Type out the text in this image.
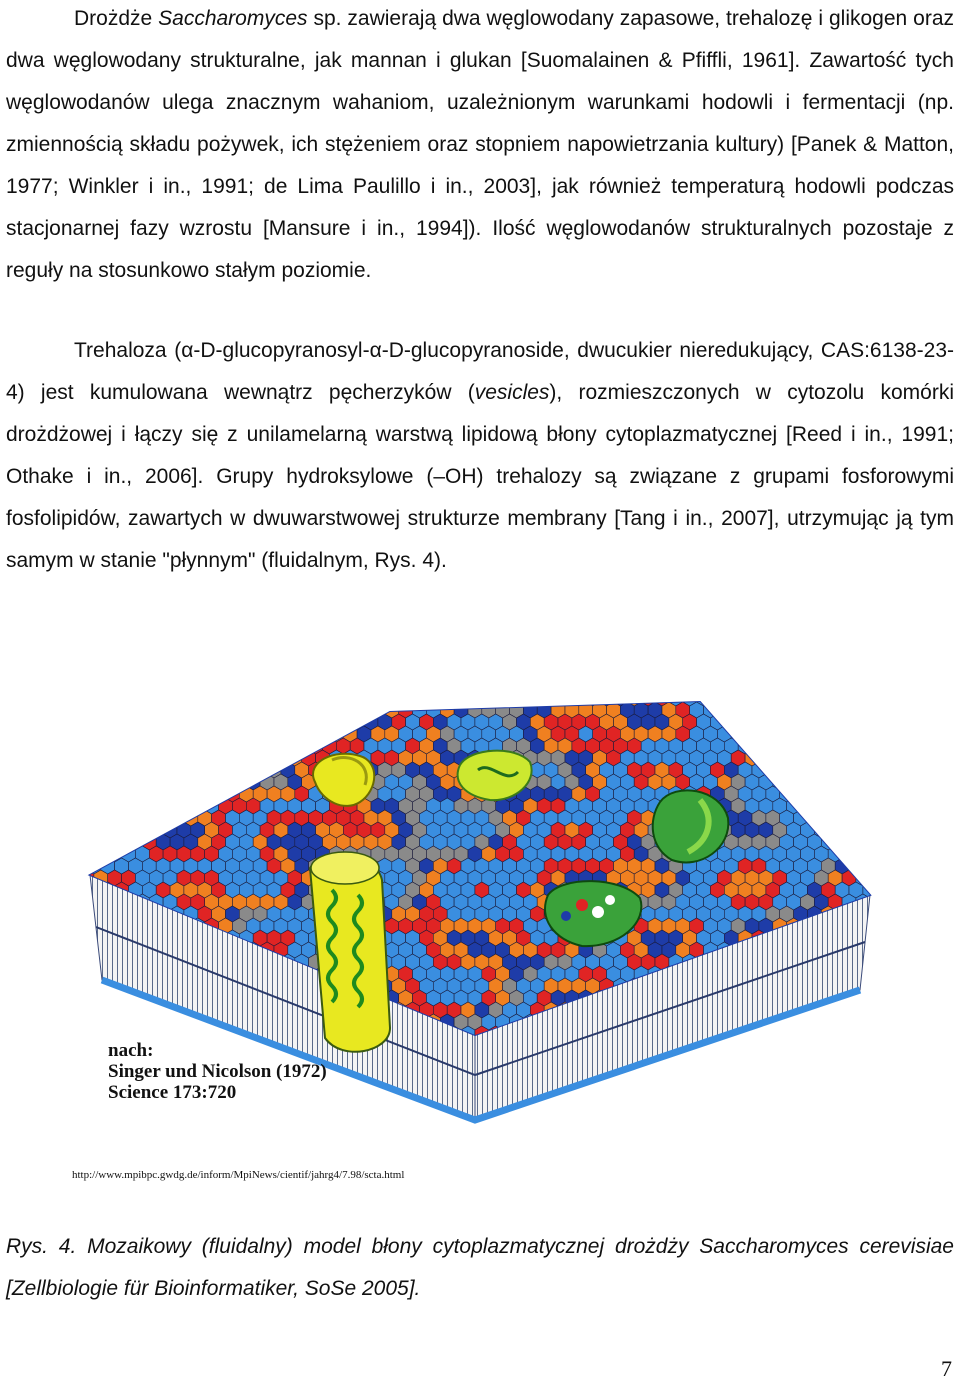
Drożdże Saccharomyces sp. zawierają dwa węglowodany zapasowe, trehalozę i glikogen oraz dwa węglowodany strukturalne, jak mannan i glukan [Suomalainen & Pfiffli, 1961]. Zawartość tych węglowodanów ulega znacznym wahaniom, uzależnionym warunkami hodowli i fermentacji (np. zmiennością składu pożywek, ich stężeniem oraz stopniem napowietrzania kultury) [Panek & Matton, 1977; Winkler i in., 1991; de Lima Paulillo i in., 2003], jak również temperaturą hodowli podczas stacjonarnej fazy wzrostu [Mansure i in., 1994]). Ilość węglowodanów strukturalnych pozostaje z reguły na stosunkowo stałym poziomie.

Trehaloza (α-D-glucopyranosyl-α-D-glucopyranoside, dwucukier nieredukujący, CAS:6138-23-4) jest kumulowana wewnątrz pęcherzyków (vesicles), rozmieszczonych w cytozolu komórki drożdżowej i łączy się z unilamelarną warstwą lipidową błony cytoplazmatycznej [Reed i in., 1991; Othake i in., 2006]. Grupy hydroksylowe (–OH) trehalozy są związane z grupami fosforowymi fosfolipidów, zawartych w dwuwarstwowej strukturze membrany [Tang i in., 2007], utrzymując ją tym samym w stanie "płynnym" (fluidalnym, Rys. 4).

nach:
Singer und Nicolson (1972)
Science 173:720
http://www.mpibpc.gwdg.de/inform/MpiNews/cientif/jahrg4/7.98/scta.html

Rys. 4. Mozaikowy (fluidalny) model błony cytoplazmatycznej drożdży Saccharomyces cerevisiae [Zellbiologie für Bioinformatiker, SoSe 2005].

7
